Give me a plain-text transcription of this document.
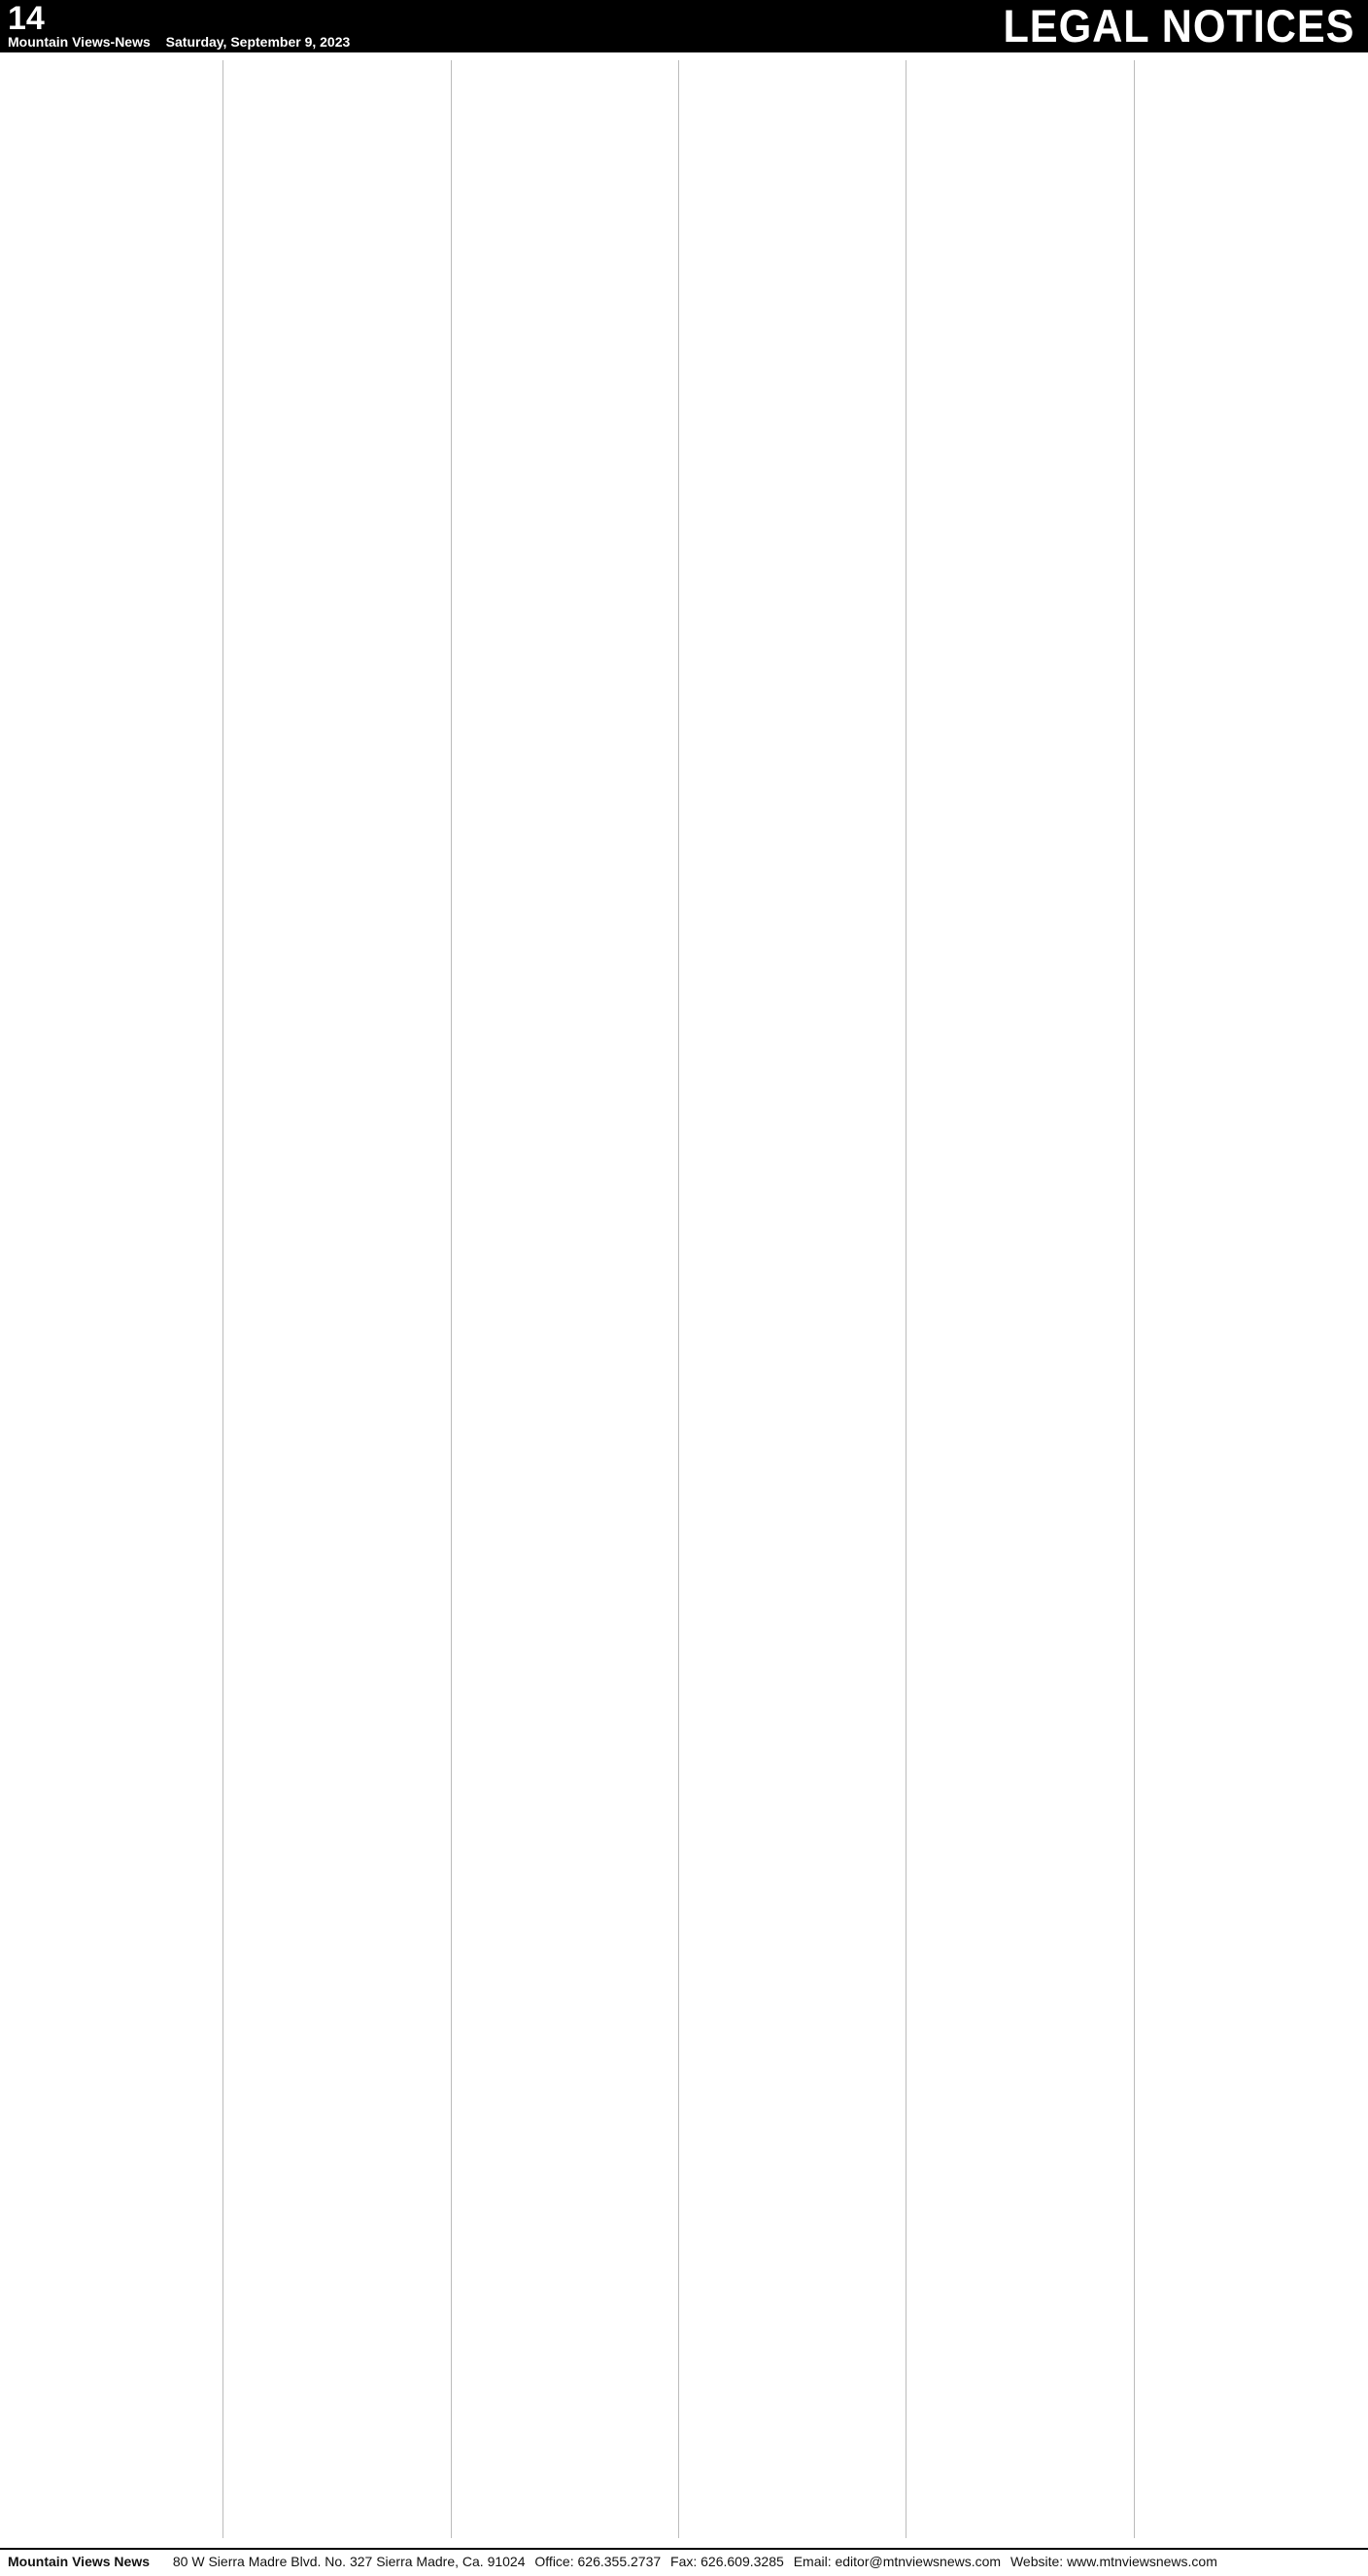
14
Mountain Views-News Saturday, September 9, 2023	LEGAL NOTICES
Mountain Views News 80 W Sierra Madre Blvd. No. 327 Sierra Madre, Ca. 91024 Office: 626.355.2737 Fax: 626.609.3285 Email: editor@mtnviewsnews.com Website: www.mtnviewsnews.com
